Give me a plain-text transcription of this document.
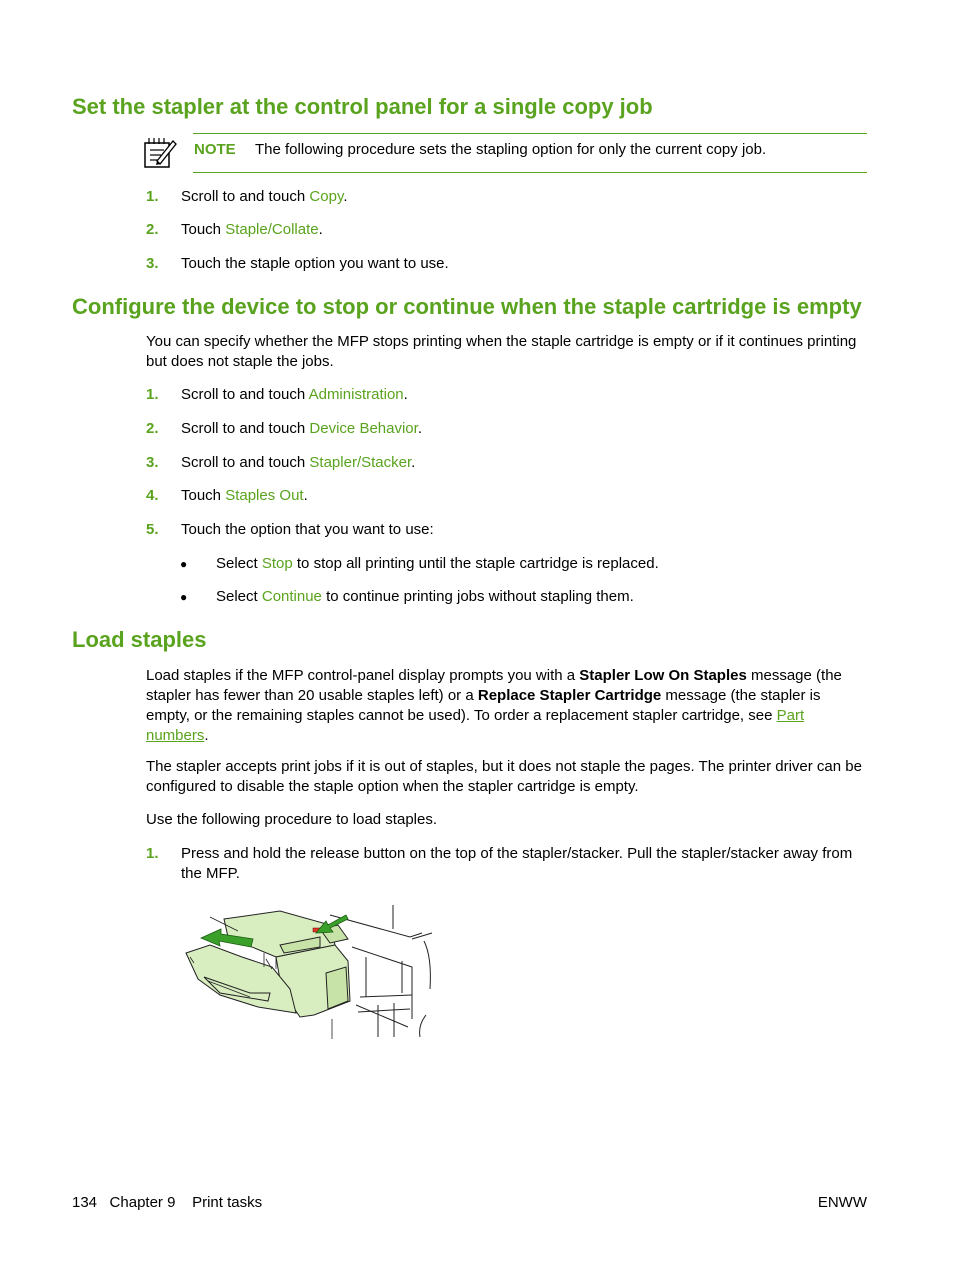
Set the stapler at the control panel for a single copy job
NOTE The following procedure sets the stapling option for only the current copy job.
1. Scroll to and touch Copy.
2. Touch Staple/Collate.
3. Touch the staple option you want to use.
Configure the device to stop or continue when the staple cartridge is empty

You can specify whether the MFP stops printing when the staple cartridge is empty or if it continues printing but does not staple the jobs.

1. Scroll to and touch Administration.
2. Scroll to and touch Device Behavior.
3. Scroll to and touch Stapler/Stacker.
4. Touch Staples Out.
5. Touch the option that you want to use:
● Select Stop to stop all printing until the staple cartridge is replaced.
● Select Continue to continue printing jobs without stapling them.
Load staples

Load staples if the MFP control-panel display prompts you with a Stapler Low On Staples message (the stapler has fewer than 20 usable staples left) or a Replace Stapler Cartridge message (the stapler is empty, or the remaining staples cannot be used). To order a replacement stapler cartridge, see Part numbers.

The stapler accepts print jobs if it is out of staples, but it does not staple the pages. The printer driver can be configured to disable the staple option when the stapler cartridge is empty.

Use the following procedure to load staples.

1. Press and hold the release button on the top of the stapler/stacker. Pull the stapler/stacker away from the MFP.
134 Chapter 9 Print tasks	ENWW
